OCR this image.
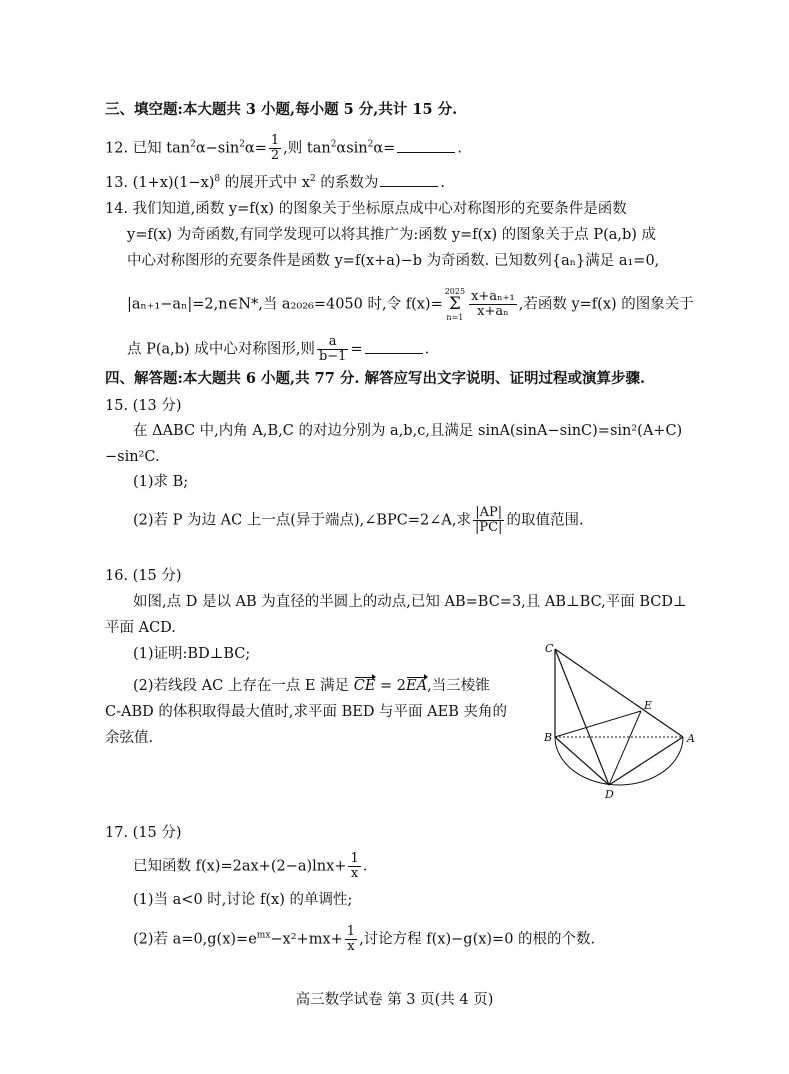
三、填空题:本大题共 3 小题,每小题 5 分,共计 15 分.
12. 已知 $\tan^2\alpha-\sin^2\alpha= \frac{1}{2}$ ,则 $\tan^2\alpha\sin^2\alpha=$	.
13. $(1+x)(1-x)^8$ 的展开式中 $x^2$ 的系数为	.
14. 我们知道,函数 y=f(x) 的图象关于坐标原点成中心对称图形的充要条件是函数
y=f(x) 为奇函数,有同学发现可以将其推广为:函数 y=f(x) 的图象关于点 P(a,b) 成
中心对称图形的充要条件是函数 y=f(x+a)−b 为奇函数. 已知数列{aₙ}满足 a₁=0,
|aₙ₊₁−aₙ|=2,n∈N*,当 a₂₀₂₆=4050 时,令 f(x)=2025
Σ
$n=1 \frac{\text{x+aₙ₊₁}}{\text{x+aₙ}}$ ,若函数 y=f(x) 的图象关于
点 P(a,b) 成中心对称图形,则 $\frac{a}{b-1}$ =	.
四、解答题:本大题共 6 小题,共 77 分. 解答应写出文字说明、证明过程或演算步骤.
15. (13 分)
在 ΔABC 中,内角 A,B,C 的对边分别为 a,b,c,且满足 sinA(sinA−sinC)=sin²(A+C)
−sin²C.
(1)求 B;
(2)若 P 为边 AC 上一点(异于端点),∠BPC=2∠A,求 $\frac{|AP|}{|PC|}$ 的取值范围.
16. (15 分)
如图,点 D 是以 AB 为直径的半圆上的动点,已知 AB=BC=3,且 AB⊥BC,平面 BCD⊥
平面 ACD.
(1)证明:BD⊥BC;
(2)若线段 AC 上存在一点 E 满足 CE = 2EA,当三棱锥
C-ABD 的体积取得最大值时,求平面 BED 与平面 AEB 夹角的
余弦值.
C
E
B	A
D
17. (15 分)
已知函数 $f(x)=2ax+(2-a)\ln x+ \frac{1}{x}$ .
(1)当 a<0 时,讨论 f(x) 的单调性;
(2)若 $a=0,g(x)=e^{mx}-x^2+mx+ \frac{1}{x}$ ,讨论方程 f(x)−g(x)=0 的根的个数.
高三数学试卷 第 3 页(共 4 页)
